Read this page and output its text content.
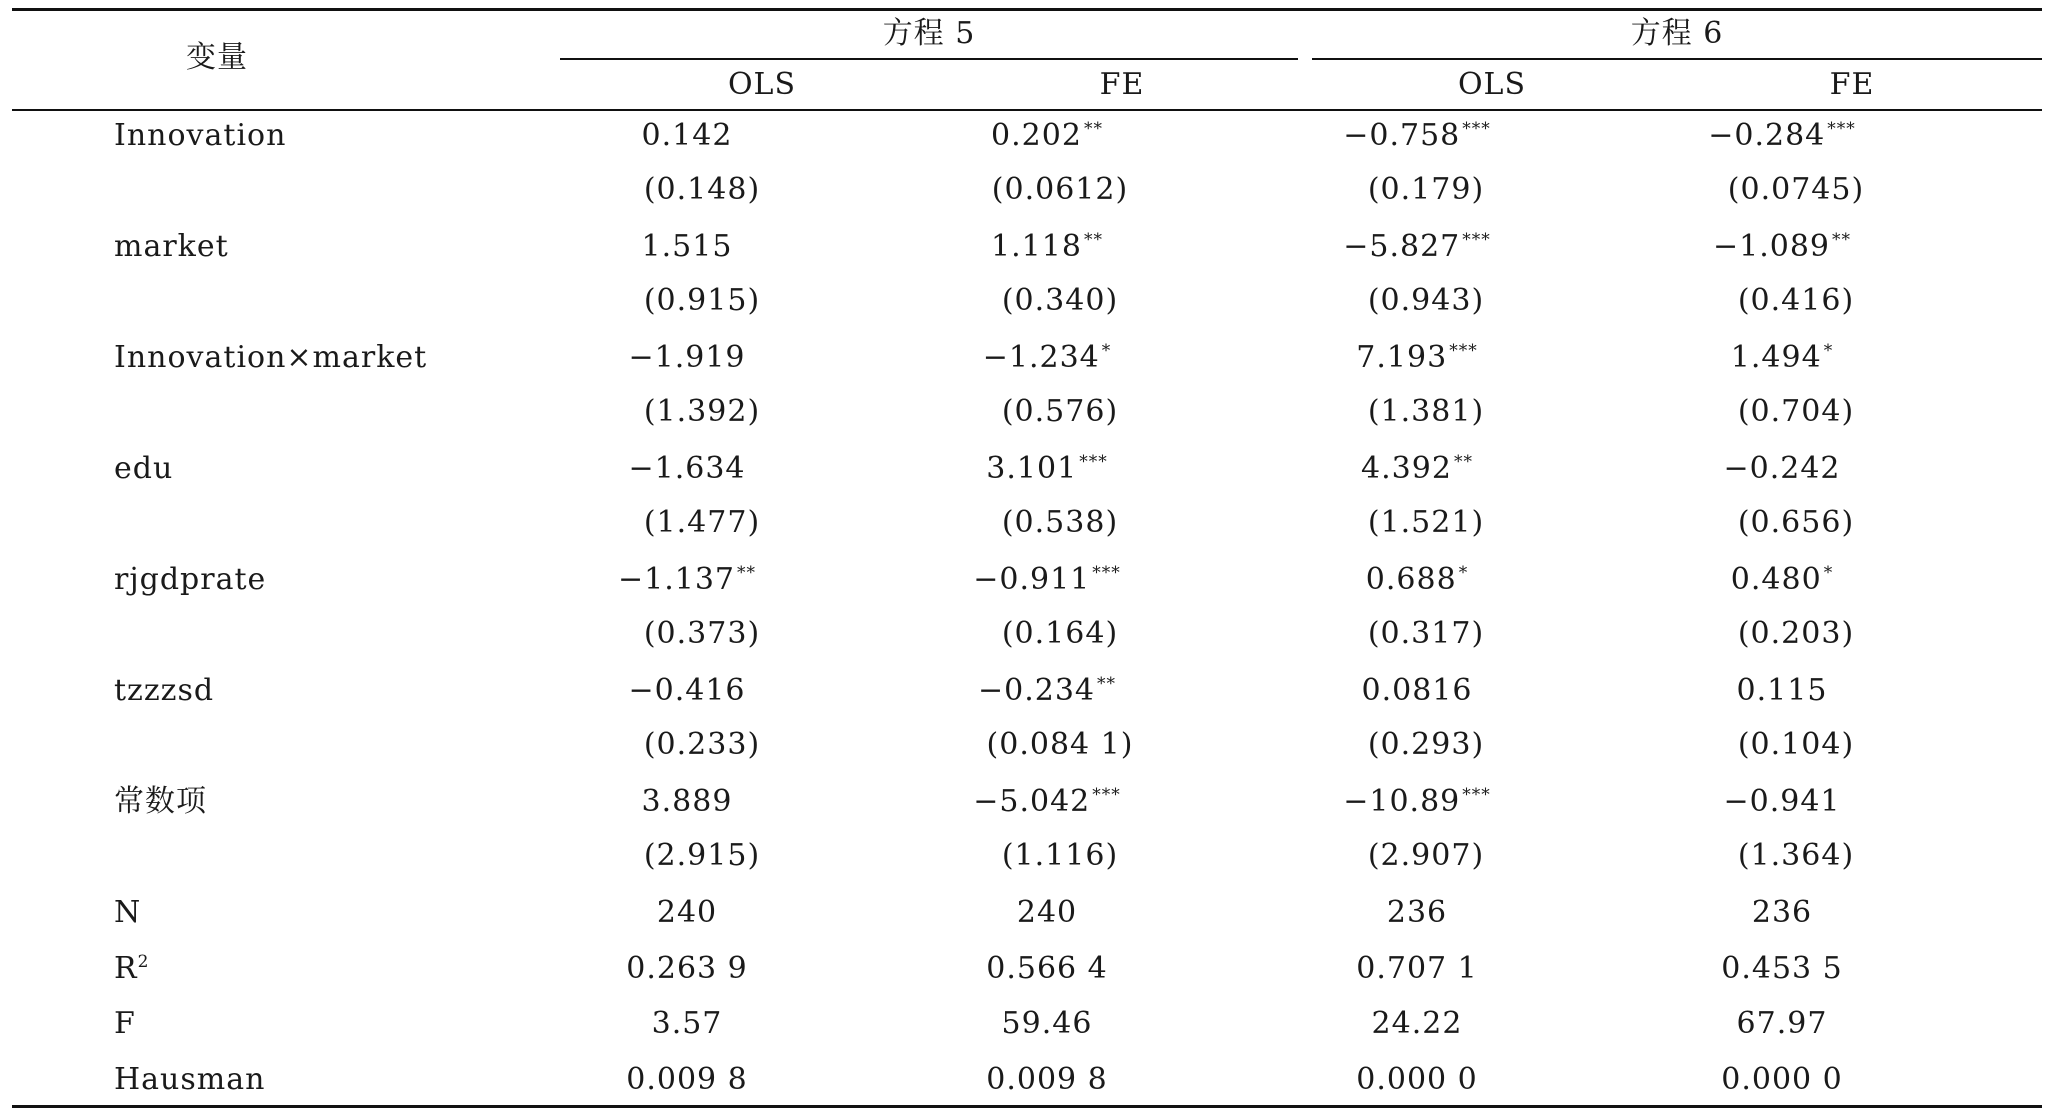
变量
方程 5	方程 6
OLS	FE	OLS	FE
Innovation	0.142	0.202 **	−0.758 ***	−0.284 ***
(0.148)	(0.0612)	(0.179)	(0.0745)
market	1.515	1.118 **	−5.827 ***	−1.089 **
(0.915)	(0.340)	(0.943)	(0.416)
Innovation×market	−1.919	−1.234 *	7.193 ***	1.494 *
(1.392)	(0.576)	(1.381)	(0.704)
edu	−1.634	3.101 ***	4.392 **	−0.242
(1.477)	(0.538)	(1.521)	(0.656)
rjgdprate	−1.137 **	−0.911 ***	0.688 *	0.480 *
(0.373)	(0.164)	(0.317)	(0.203)
tzzzsd	−0.416	−0.234 **	0.0816	0.115
(0.233)	(0.084 1)	(0.293)	(0.104)
常数项	3.889	−5.042 ***	−10.89 ***	−0.941
(2.915)	(1.116)	(2.907)	(1.364)
N	240	240	236	236
$R^2$	0.263 9	0.566 4	0.707 1	0.453 5
F	3.57	59.46	24.22	67.97
Hausman	0.009 8	0.009 8	0.000 0	0.000 0
